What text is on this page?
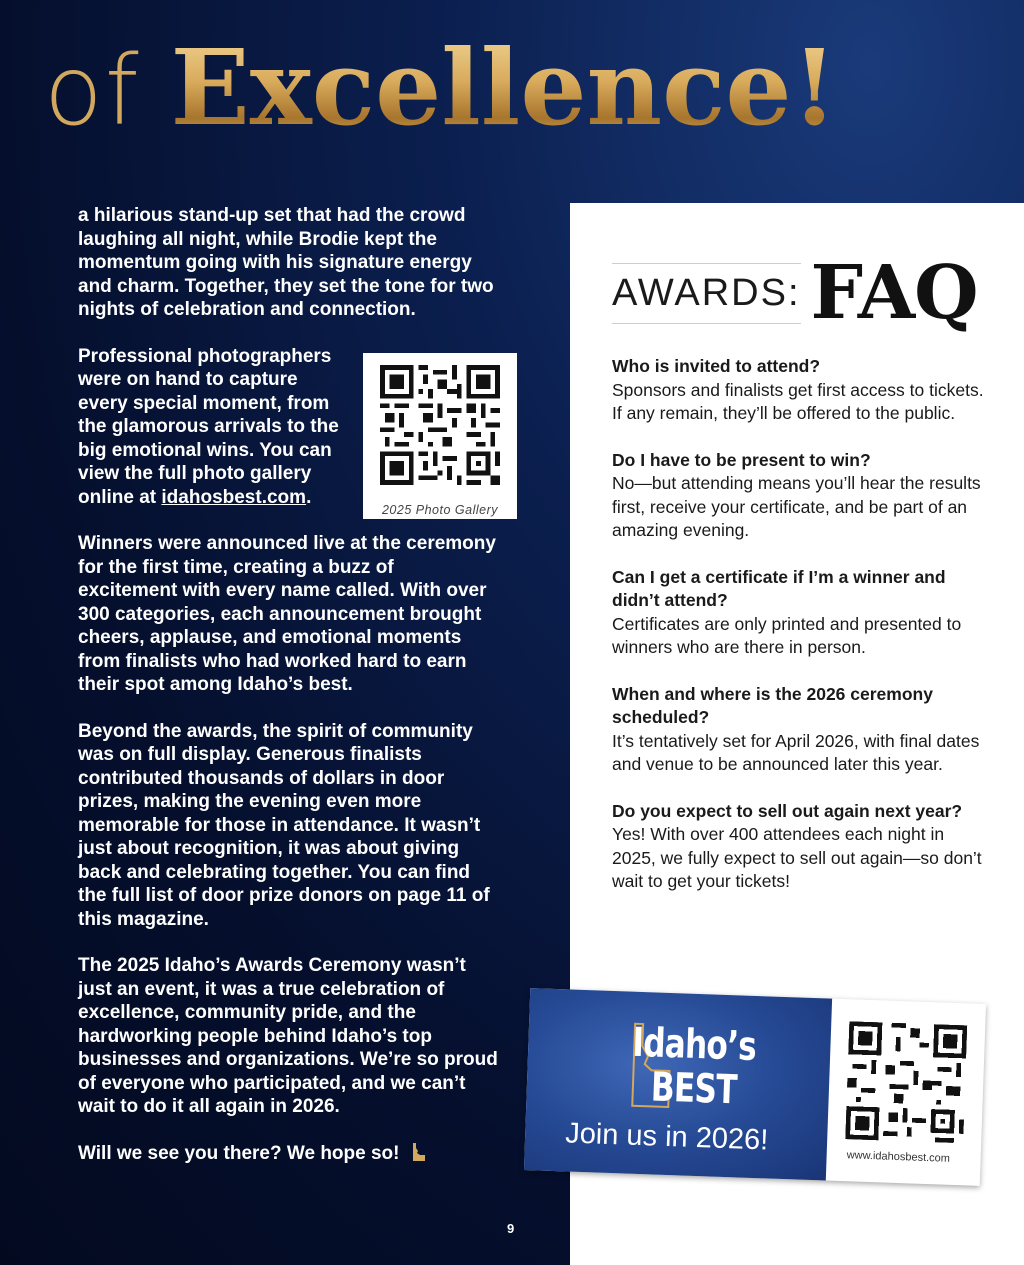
of Excellence!

a hilarious stand-up set that had the crowd laughing all night, while Brodie kept the momentum going with his signature energy and charm. Together, they set the tone for two nights of celebration and connection.

Professional photographers were on hand to capture every special moment, from the glamorous arrivals to the big emotional wins. You can view the full photo gallery online at idahosbest.com.

2025 Photo Gallery

Winners were announced live at the ceremony for the first time, creating a buzz of excitement with every name called. With over 300 categories, each announcement brought cheers, applause, and emotional moments from finalists who had worked hard to earn their spot among Idaho’s best.

Beyond the awards, the spirit of community was on full display. Generous finalists contributed thousands of dollars in door prizes, making the evening even more memorable for those in attendance. It wasn’t just about recognition, it was about giving back and celebrating together. You can find the full list of door prize donors on page 11 of this magazine.

The 2025 Idaho’s Awards Ceremony wasn’t just an event, it was a true celebration of excellence, community pride, and the hardworking people behind Idaho’s top businesses and organizations. We’re so proud of everyone who participated, and we can’t wait to do it all again in 2026.

Will we see you there? We hope so!

AWARDS: FAQ
Who is invited to attend?
Sponsors and finalists get first access to tickets. If any remain, they’ll be offered to the public.
Do I have to be present to win?
No—but attending means you’ll hear the results first, receive your certificate, and be part of an amazing evening.
Can I get a certificate if I’m a winner and didn’t attend?
Certificates are only printed and presented to winners who are there in person.
When and where is the 2026 ceremony scheduled?
It’s tentatively set for April 2026, with final dates and venue to be announced later this year.
Do you expect to sell out again next year?
Yes! With over 400 attendees each night in 2025, we fully expect to sell out again—so don’t wait to get your tickets!
Idaho’s
BEST
Join us in 2026!
www.idahosbest.com
9
